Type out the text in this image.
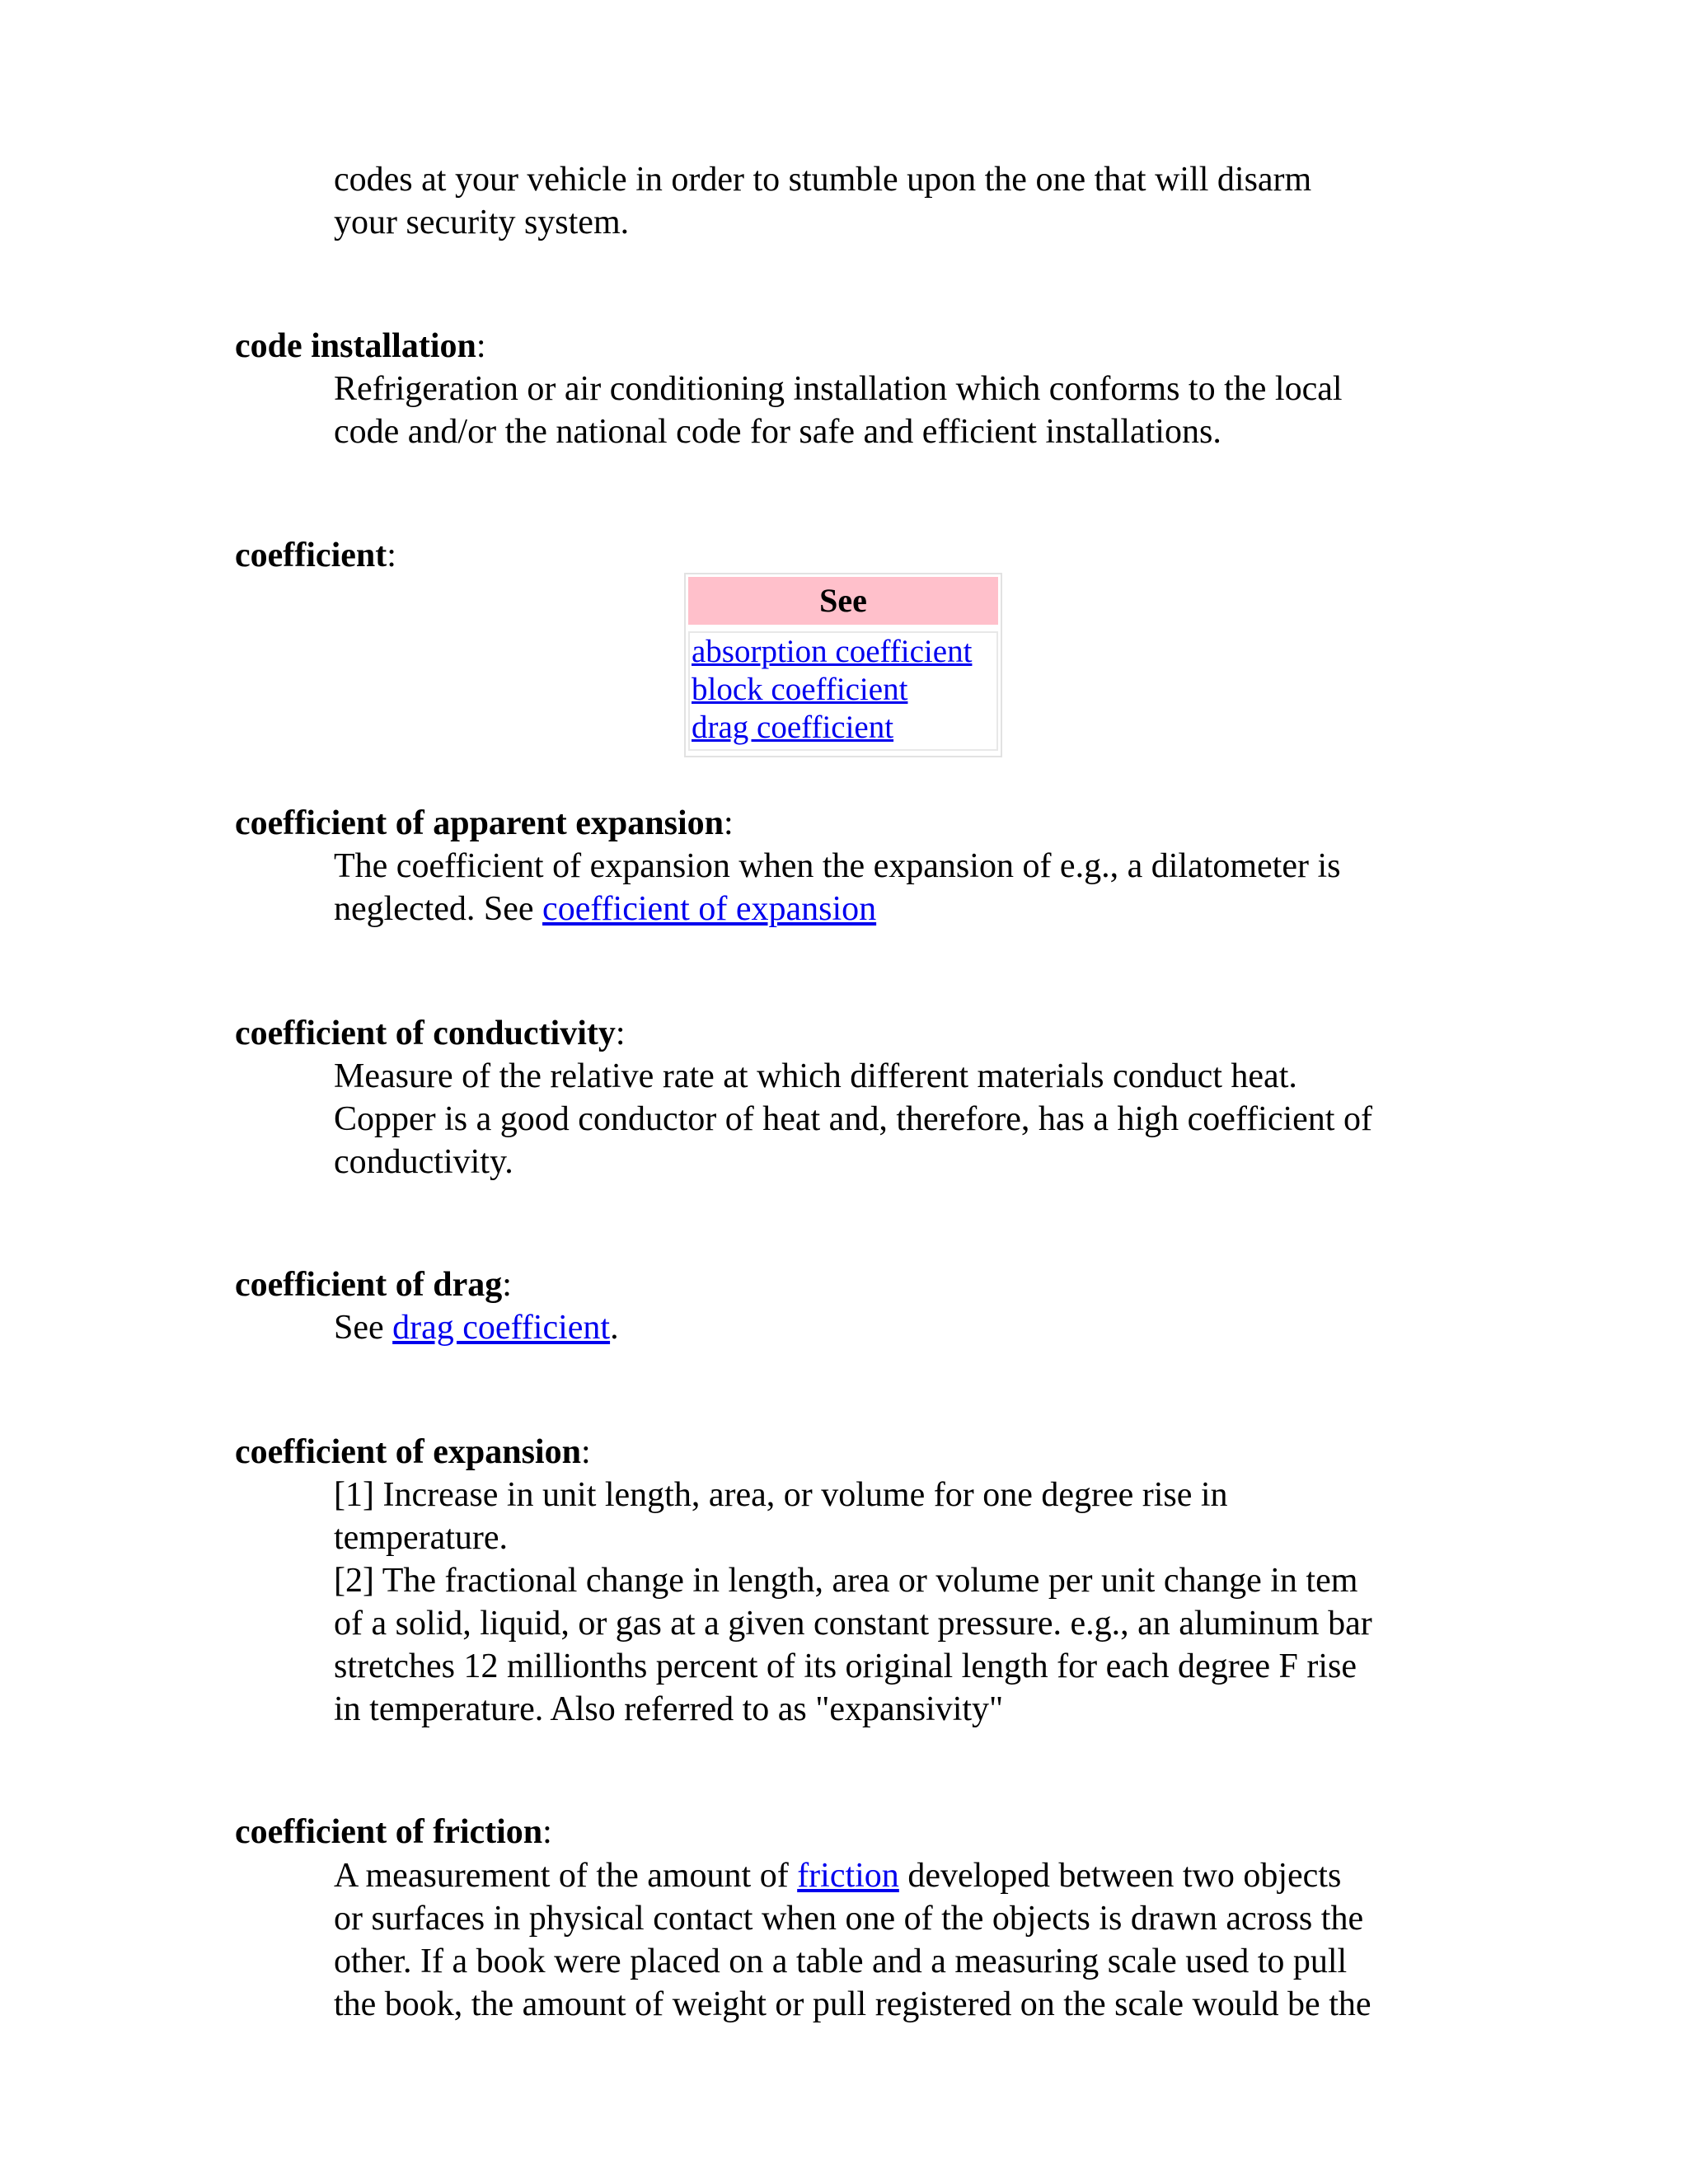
codes at your vehicle in order to stumble upon the one that will disarm
your security system.
code installation:
Refrigeration or air conditioning installation which conforms to the local
code and/or the national code for safe and efficient installations.
coefficient:
See
absorption coefficient
block coefficient
drag coefficient
coefficient of apparent expansion:
The coefficient of expansion when the expansion of e.g., a dilatometer is
neglected. See coefficient of expansion
coefficient of conductivity:
Measure of the relative rate at which different materials conduct heat.
Copper is a good conductor of heat and, therefore, has a high coefficient of
conductivity.
coefficient of drag:
See drag coefficient.
coefficient of expansion:
[1] Increase in unit length, area, or volume for one degree rise in
temperature.
[2] The fractional change in length, area or volume per unit change in tem
of a solid, liquid, or gas at a given constant pressure. e.g., an aluminum bar
stretches 12 millionths percent of its original length for each degree F rise
in temperature. Also referred to as "expansivity"
coefficient of friction:
A measurement of the amount of friction developed between two objects
or surfaces in physical contact when one of the objects is drawn across the
other. If a book were placed on a table and a measuring scale used to pull
the book, the amount of weight or pull registered on the scale would be the
